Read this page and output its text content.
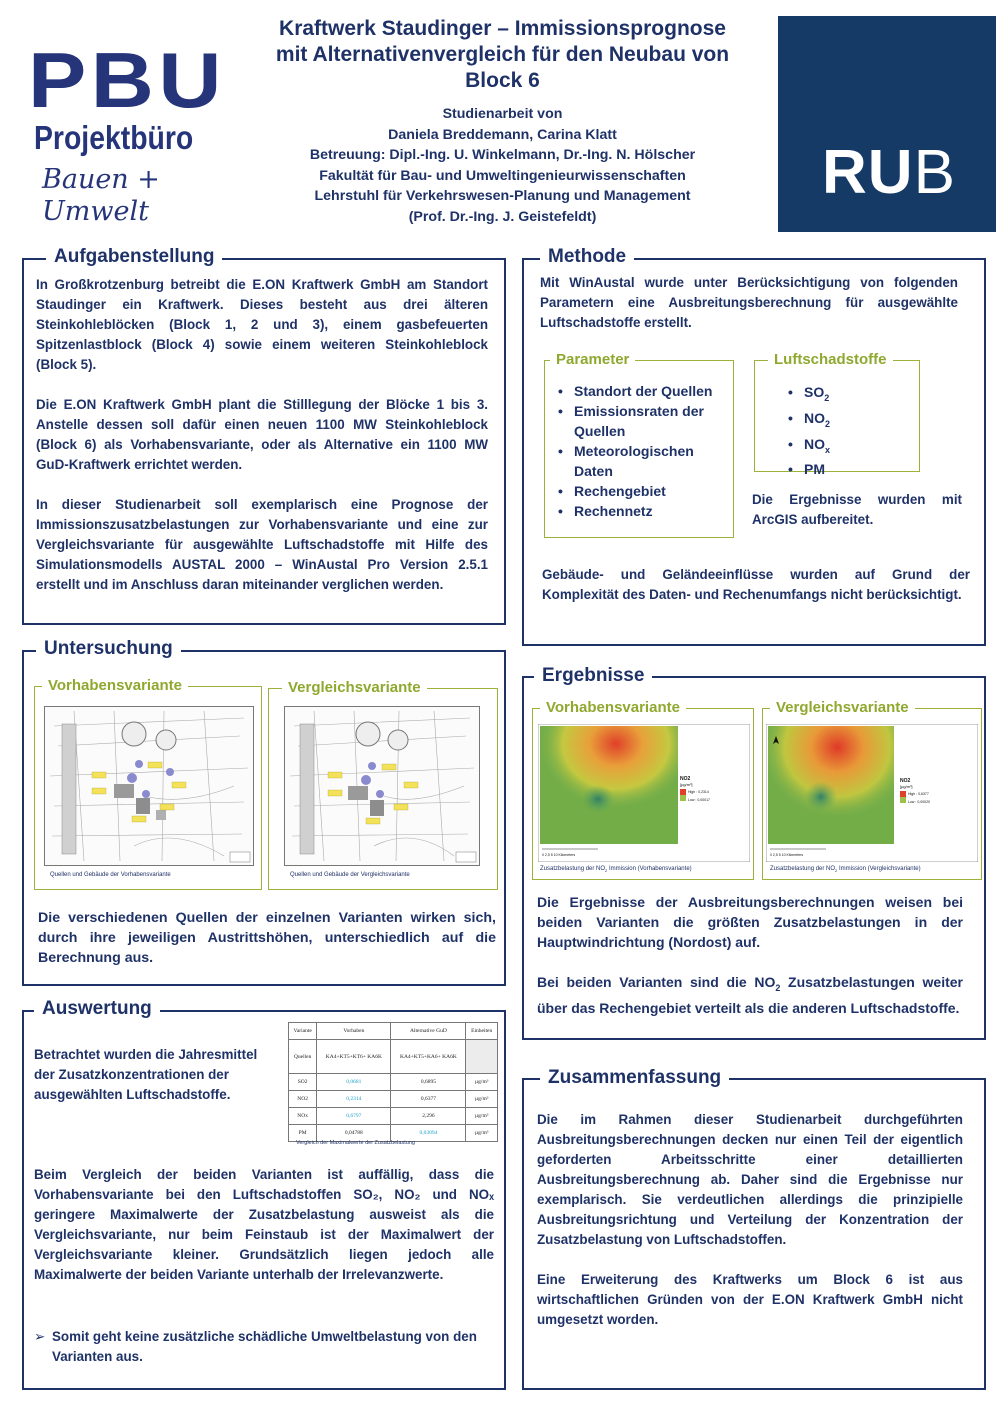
PBU
Projektbüro
Bauen + Umwelt
Kraftwerk Staudinger – Immissionsprognose
mit Alternativenvergleich für den Neubau von
Block 6
Studienarbeit von
Daniela Breddemann, Carina Klatt
Betreuung: Dipl.-Ing. U. Winkelmann, Dr.-Ing. N. Hölscher
Fakultät für Bau- und Umweltingenieurwissenschaften
Lehrstuhl für Verkehrswesen-Planung und Management
(Prof. Dr.-Ing. J. Geistefeldt)
RUB
Aufgabenstellung

In Großkrotzenburg betreibt die E.ON Kraftwerk GmbH am Standort Staudinger ein Kraftwerk. Dieses besteht aus drei älteren Steinkohleblöcken (Block 1, 2 und 3), einem gasbefeuerten Spitzenlastblock (Block 4) sowie einem weiteren Steinkohleblock (Block 5).

Die E.ON Kraftwerk GmbH plant die Stilllegung der Blöcke 1 bis 3. Anstelle dessen soll dafür einen neuen 1100 MW Steinkohleblock (Block 6) als Vorhabensvariante, oder als Alternative ein 1100 MW GuD-Kraftwerk errichtet werden.

In dieser Studienarbeit soll exemplarisch eine Prognose der Immissionszusatzbelastungen zur Vorhabensvariante und eine zur Vergleichsvariante für ausgewählte Luftschadstoffe mit Hilfe des Simulationsmodells AUSTAL 2000 – WinAustal Pro Version 2.5.1 erstellt und im Anschluss daran miteinander verglichen werden.

Methode
Mit WinAustal wurde unter Berücksichtigung von folgenden Parametern eine Ausbreitungsberechnung für ausgewählte Luftschadstoffe erstellt.
Parameter
• Standort der Quellen
• Emissionsraten der Quellen
• Meteorologischen Daten
• Rechengebiet
• Rechennetz
Luftschadstoffe
• $SO_2$
• $NO_2$
• $NO_x$
• PM
Die Ergebnisse wurden mit ArcGIS aufbereitet.
Gebäude- und Geländeeinflüsse wurden auf Grund der Komplexität des Daten- und Rechenumfangs nicht berücksichtigt.
Untersuchung
Vorhabensvariante	Vergleichsvariante
Quellen und Gebäude der Vorhabensvariante	Quellen und Gebäude der Vergleichsvariante
Die verschiedenen Quellen der einzelnen Varianten wirken sich, durch ihre jeweiligen Austrittshöhen, unterschiedlich auf die Berechnung aus.
Ergebnisse
Vorhabensvariante	Vergleichsvariante
NO2
[µg/m³]
High : 0,2314
Low : 0,00017
0 2,5 5 10 Kilometers
Zusatzbelastung der $NO_2$ Immission (Vorhabensvariante)
NO2
[µg/m³]
High : 0,6377
Low : 0,00020
0 2,5 5 10 Kilometers
Zusatzbelastung der $NO_2$ Immission (Vergleichsvariante)

Die Ergebnisse der Ausbreitungsberechnungen weisen bei beiden Varianten die größten Zusatzbelastungen in der Hauptwindrichtung (Nordost) auf.

Bei beiden Varianten sind die $NO_2$ Zusatzbelastungen weiter über das Rechengebiet verteilt als die anderen Luftschadstoffe.

Auswertung
Betrachtet wurden die Jahresmittel der Zusatzkonzentrationen der ausgewählten Luftschadstoffe.
Variante	Vorhaben	Alternative GuD	Einheiten
Quellen	KA4+KT5+KT6+ KA6K	KA4+KT5+KA6+ KA6K	
SO2	0,0681	0,6895	µg/m³
NO2	0,2314	0,6377	µg/m³
NOx	0,6797	2,296	µg/m³
PM	0,04788	0,03094	µg/m³
Vergleich der Maximalwerte der Zusatzbelastung
Beim Vergleich der beiden Varianten ist auffällig, dass die Vorhabensvariante bei den Luftschadstoffen SO₂, NO₂ und NOₓ geringere Maximalwerte der Zusatzbelastung ausweist als die Vergleichsvariante, nur beim Feinstaub ist der Maximalwert der Vergleichsvariante kleiner. Grundsätzlich liegen jedoch alle Maximalwerte der beiden Variante unterhalb der Irrelevanzwerte.
➢ Somit geht keine zusätzliche schädliche Umweltbelastung von den Varianten aus.
Zusammenfassung

Die im Rahmen dieser Studienarbeit durchgeführten Ausbreitungsberechnungen decken nur einen Teil der eigentlich geforderten Arbeitsschritte einer detaillierten Ausbreitungsberechnung ab. Daher sind die Ergebnisse nur exemplarisch. Sie verdeutlichen allerdings die prinzipielle Ausbreitungsrichtung und Verteilung der Konzentration der Zusatzbelastung von Luftschadstoffen.

Eine Erweiterung des Kraftwerks um Block 6 ist aus wirtschaftlichen Gründen von der E.ON Kraftwerk GmbH nicht umgesetzt worden.
